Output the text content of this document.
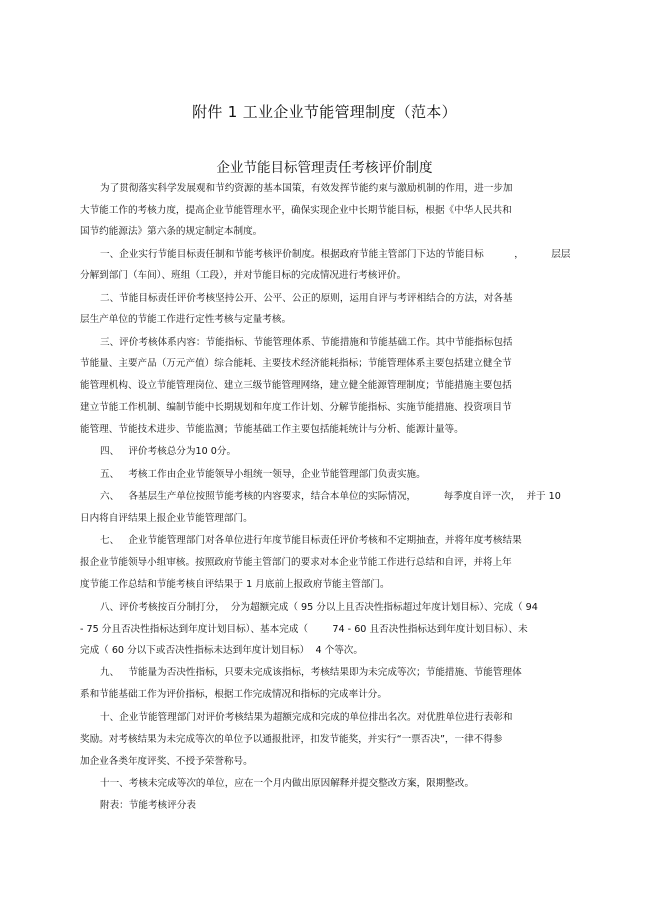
附件 1 工业企业节能管理制度（范本）
企业节能目标管理责任考核评价制度
为了贯彻落实科学发展观和节约资源的基本国策，有效发挥节能约束与激励机制的作用，进一步加
大节能工作的考核力度，提高企业节能管理水平，确保实现企业中长期节能目标，根据《中华人民共和
国节约能源法》第六条的规定制定本制度。
一、企业实行节能目标责任制和节能考核评价制度。根据政府节能主管部门下达的节能目标          ，         层层
分解到部门（车间）、班组（工段），并对节能目标的完成情况进行考核评价。
二、节能目标责任评价考核坚持公开、公平、公正的原则，运用自评与考评相结合的方法，对各基
层生产单位的节能工作进行定性考核与定量考核。
三、评价考核体系内容：节能指标、节能管理体系、节能措施和节能基础工作。其中节能指标包括
节能量、主要产品（万元产值）综合能耗、主要技术经济能耗指标；节能管理体系主要包括建立健全节
能管理机构、设立节能管理岗位、建立三级节能管理网络，建立健全能源管理制度；节能措施主要包括
建立节能工作机制、编制节能中长期规划和年度工作计划、分解节能指标、实施节能措施、投资项目节
能管理、节能技术进步、节能监测；节能基础工作主要包括能耗统计与分析、能源计量等。
四、   评价考核总分为10 0分。
五、   考核工作由企业节能领导小组统一领导，企业节能管理部门负责实施。
六、   各基层生产单位按照节能考核的内容要求，结合本单位的实际情况，         每季度自评一次，  并于 10
日内将自评结果上报企业节能管理部门。
七、   企业节能管理部门对各单位进行年度节能目标责任评价考核和不定期抽查，并将年度考核结果
报企业节能领导小组审核。按照政府节能主管部门的要求对本企业节能工作进行总结和自评，并将上年
度节能工作总结和节能考核自评结果于 1 月底前上报政府节能主管部门。
八、评价考核按百分制打分，  分为超额完成（ 95 分以上且否决性指标超过年度计划目标）、完成（ 94
- 75 分且否决性指标达到年度计划目标）、基本完成（        74 - 60 且否决性指标达到年度计划目标）、未
完成（ 60 分以下或否决性指标未达到年度计划目标）  4 个等次。
九、   节能量为否决性指标，只要未完成该指标，考核结果即为未完成等次；节能措施、节能管理体
系和节能基础工作为评价指标，根据工作完成情况和指标的完成率计分。
十、企业节能管理部门对评价考核结果为超额完成和完成的单位排出名次。对优胜单位进行表彰和
奖励。对考核结果为未完成等次的单位予以通报批评，扣发节能奖，并实行“一票否决”，一律不得参
加企业各类年度评奖、不授予荣誉称号。
十一、考核未完成等次的单位，应在一个月内做出原因解释并提交整改方案，限期整改。
附表：节能考核评分表
